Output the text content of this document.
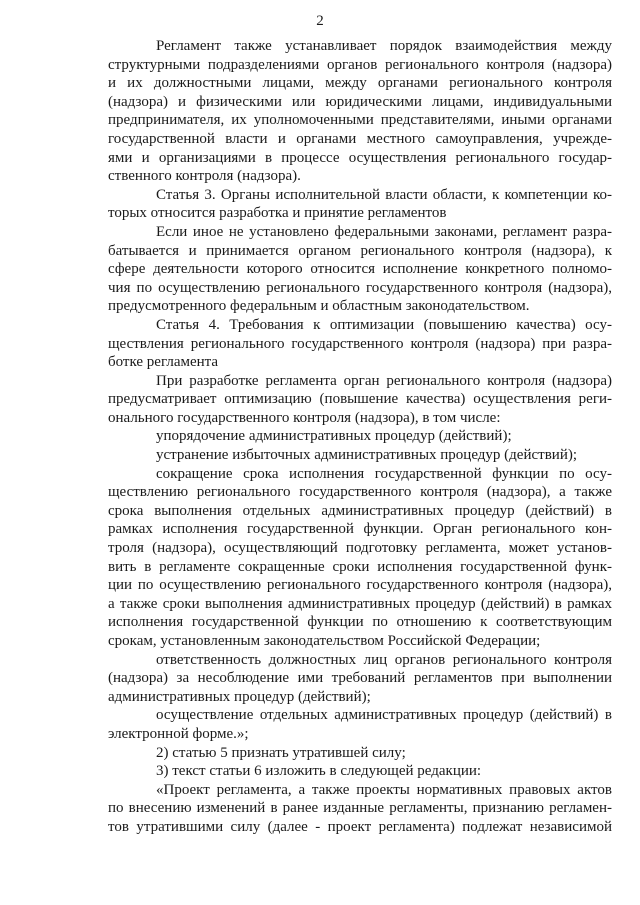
2
Регламент также устанавливает порядок взаимодействия между
структурными подразделениями органов регионального контроля (надзора)
и их должностными лицами, между органами регионального контроля
(надзора) и физическими или юридическими лицами, индивидуальными
предпринимателя, их уполномоченными представителями, иными органами
государственной власти и органами местного самоуправления, учрежде-
ями и организациями в процессе осуществления регионального государ-
ственного контроля (надзора).
Статья 3. Органы исполнительной власти области, к компетенции ко-
торых относится разработка и принятие регламентов
Если иное не установлено федеральными законами, регламент разра-
батывается и принимается органом регионального контроля (надзора), к
сфере деятельности которого относится исполнение конкретного полномо-
чия по осуществлению регионального государственного контроля (надзора),
предусмотренного федеральным и областным законодательством.
Статья 4. Требования к оптимизации (повышению качества) осу-
ществления регионального государственного контроля (надзора) при разра-
ботке регламента
При разработке регламента орган регионального контроля (надзора)
предусматривает оптимизацию (повышение качества) осуществления реги-
онального государственного контроля (надзора), в том числе:
упорядочение административных процедур (действий);
устранение избыточных административных процедур (действий);
сокращение срока исполнения государственной функции по осу-
ществлению регионального государственного контроля (надзора), а также
срока выполнения отдельных административных процедур (действий) в
рамках исполнения государственной функции. Орган регионального кон-
троля (надзора), осуществляющий подготовку регламента, может установ-
вить в регламенте сокращенные сроки исполнения государственной функ-
ции по осуществлению регионального государственного контроля (надзора),
а также сроки выполнения административных процедур (действий) в рамках
исполнения государственной функции по отношению к соответствующим
срокам, установленным законодательством Российской Федерации;
ответственность должностных лиц органов регионального контроля
(надзора) за несоблюдение ими требований регламентов при выполнении
административных процедур (действий);
осуществление отдельных административных процедур (действий) в
электронной форме.»;
2) статью 5 признать утратившей силу;
3) текст статьи 6 изложить в следующей редакции:
«Проект регламента, а также проекты нормативных правовых актов
по внесению изменений в ранее изданные регламенты, признанию регламен-
тов утратившими силу (далее - проект регламента) подлежат независимой
